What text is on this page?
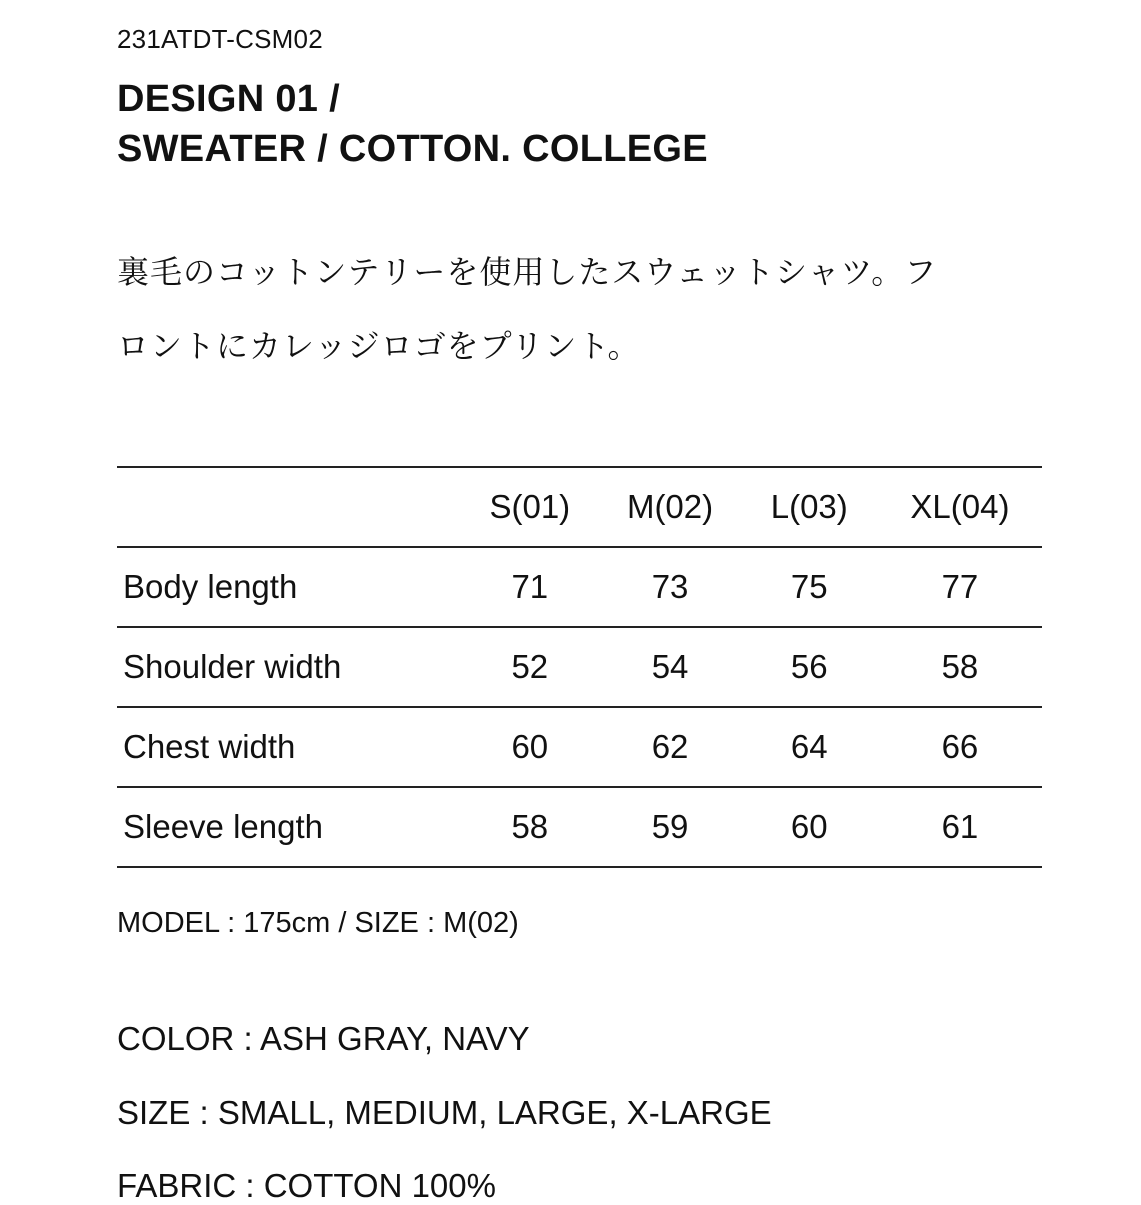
231ATDT-CSM02
DESIGN 01 /
SWEATER / COTTON. COLLEGE
裏毛のコットンテリーを使用したスウェットシャツ。フ
ロントにカレッジロゴをプリント。
	S(01)	M(02)	L(03)	XL(04)
Body length	71	73	75	77
Shoulder width	52	54	56	58
Chest width	60	62	64	66
Sleeve length	58	59	60	61
MODEL : 175cm / SIZE : M(02)
COLOR : ASH GRAY, NAVY
SIZE : SMALL, MEDIUM, LARGE, X-LARGE
FABRIC : COTTON 100%
